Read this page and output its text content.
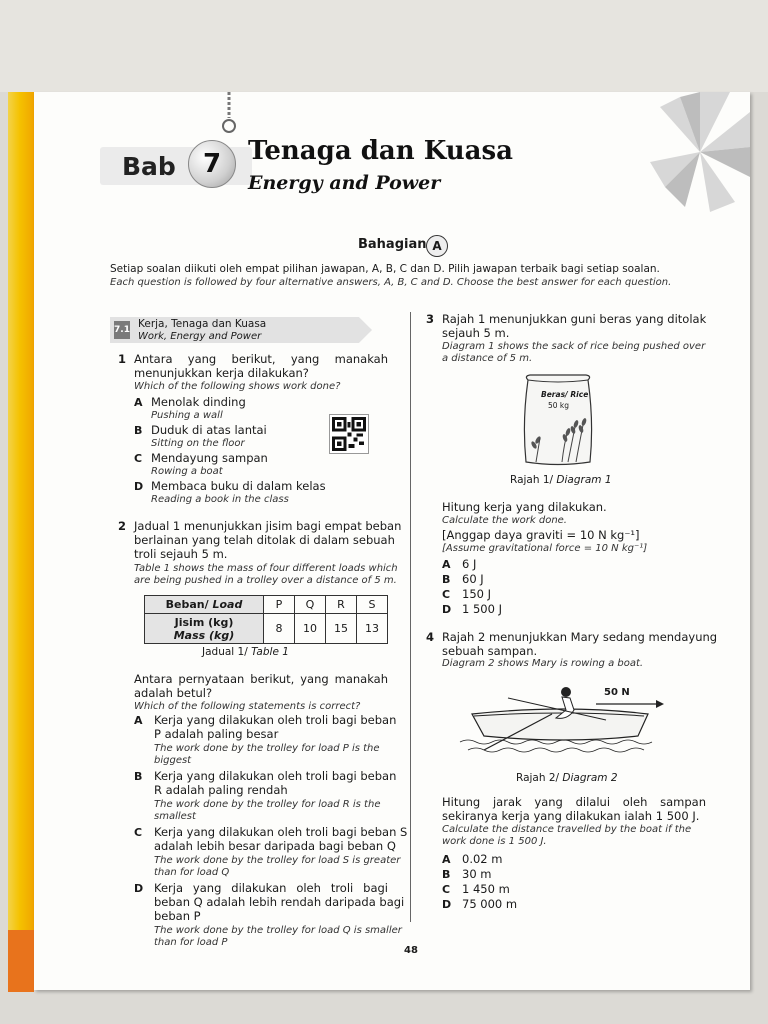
Bab	7	Tenaga dan Kuasa
Energy and Power
Bahagian A
Setiap soalan diikuti oleh empat pilihan jawapan, A, B, C dan D. Pilih jawapan terbaik bagi setiap soalan.
Each question is followed by four alternative answers, A, B, C and D. Choose the best answer for each question.
7.1 Kerja, Tenaga dan Kuasa
Work, Energy and Power
1 Antara yang berikut, yang manakah
menunjukkan kerja dilakukan?
Which of the following shows work done?
A Menolak dinding
Pushing a wall
B Duduk di atas lantai
Sitting on the floor
C Mendayung sampan
Rowing a boat
D Membaca buku di dalam kelas
Reading a book in the class
2 Jadual 1 menunjukkan jisim bagi empat beban
berlainan yang telah ditolak di dalam sebuah
troli sejauh 5 m.
Table 1 shows the mass of four different loads which
are being pushed in a trolley over a distance of 5 m.
Beban/ Load	P	Q	R	S

Jisim (kg)
Mass (kg)	8	10	15	13
Jadual 1/ Table 1
Antara pernyataan berikut, yang manakah
adalah betul?
Which of the following statements is correct?
A Kerja yang dilakukan oleh troli bagi beban
P adalah paling besar
The work done by the trolley for load P is the
biggest
B Kerja yang dilakukan oleh troli bagi beban
R adalah paling rendah
The work done by the trolley for load R is the
smallest
C Kerja yang dilakukan oleh troli bagi beban S
adalah lebih besar daripada bagi beban Q
The work done by the trolley for load S is greater
than for load Q
D Kerja yang dilakukan oleh troli bagi
beban Q adalah lebih rendah daripada bagi
beban P
The work done by the trolley for load Q is smaller
than for load P
3 Rajah 1 menunjukkan guni beras yang ditolak
sejauh 5 m.
Diagram 1 shows the sack of rice being pushed over
a distance of 5 m.
Beras/ Rice
50 kg
Rajah 1/ Diagram 1
Hitung kerja yang dilakukan.
Calculate the work done.
[Anggap daya graviti = 10 N kg⁻¹]
[Assume gravitational force = 10 N kg⁻¹]
A 6 J
B 60 J
C 150 J
D 1 500 J
4 Rajah 2 menunjukkan Mary sedang mendayung
sebuah sampan.
Diagram 2 shows Mary is rowing a boat.
50 N
Rajah 2/ Diagram 2
Hitung jarak yang dilalui oleh sampan
sekiranya kerja yang dilakukan ialah 1 500 J.
Calculate the distance travelled by the boat if the
work done is 1 500 J.
A 0.02 m
B 30 m
C 1 450 m
D 75 000 m
48
